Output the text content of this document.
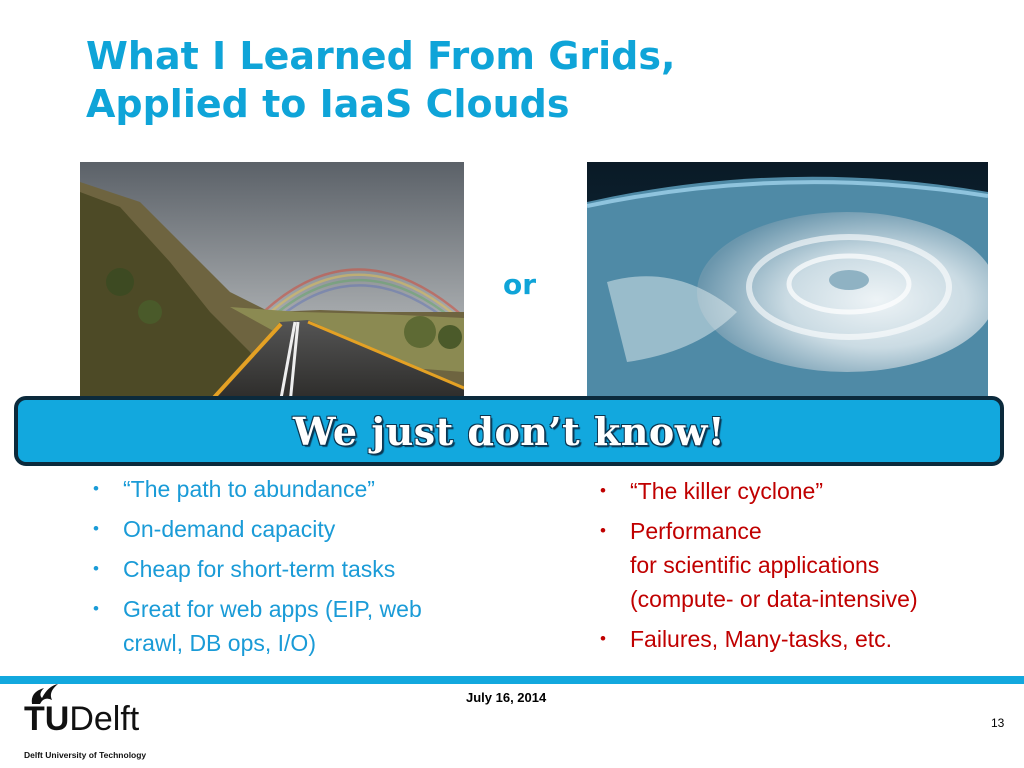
What I Learned From Grids,
Applied to IaaS Clouds
or
We just don’t know!
• “The path to abundance”
• On-demand capacity
• Cheap for short-term tasks
• Great for web apps (EIP, web
crawl, DB ops, I/O)
• “The killer cyclone”
• Performance
for scientific applications
(compute- or data-intensive)
• Failures, Many-tasks, etc.
TUDelft
Delft University of Technology
July 16, 2014
13
